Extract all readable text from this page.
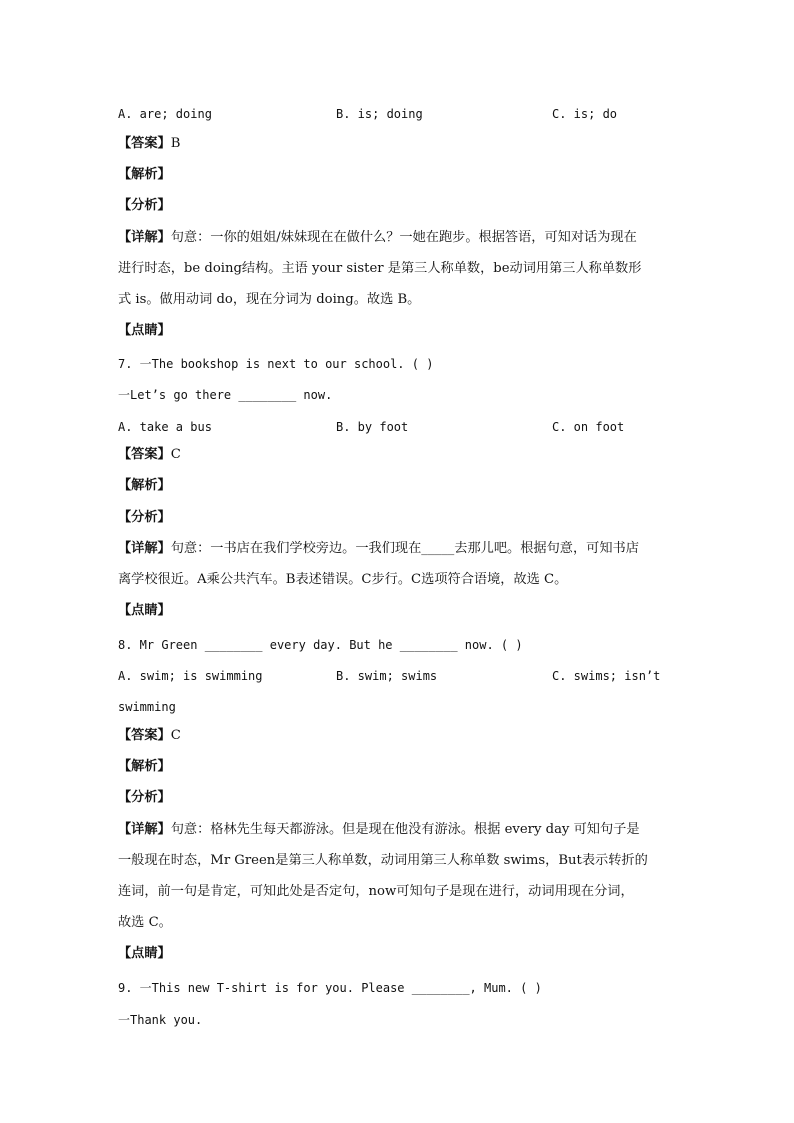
A. are; doing	B. is; doing	C. is; do
【答案】B
【解析】
【分析】
【详解】句意：一你的姐姐/妹妹现在在做什么？一她在跑步。根据答语，可知对话为现在
进行时态，be doing结构。主语 your sister 是第三人称单数，be动词用第三人称单数形
式 is。做用动词 do，现在分词为 doing。故选 B。
【点睛】
7. 一The bookshop is next to our school. ( )
一Let’s go there ________ now.
A. take a bus	B. by foot	C. on foot
【答案】C
【解析】
【分析】
【详解】句意：一书店在我们学校旁边。一我们现在_____去那儿吧。根据句意，可知书店
离学校很近。A乘公共汽车。B表述错误。C步行。C选项符合语境，故选 C。
【点睛】
8. Mr Green ________ every day. But he ________ now. ( )
A. swim; is swimming	B. swim; swims	C. swims; isn’t
swimming
【答案】C
【解析】
【分析】
【详解】句意：格林先生每天都游泳。但是现在他没有游泳。根据 every day 可知句子是
一般现在时态，Mr Green是第三人称单数，动词用第三人称单数 swims，But表示转折的
连词，前一句是肯定，可知此处是否定句，now可知句子是现在进行，动词用现在分词，
故选 C。
【点睛】
9. 一This new T-shirt is for you. Please ________, Mum. ( )
一Thank you.
